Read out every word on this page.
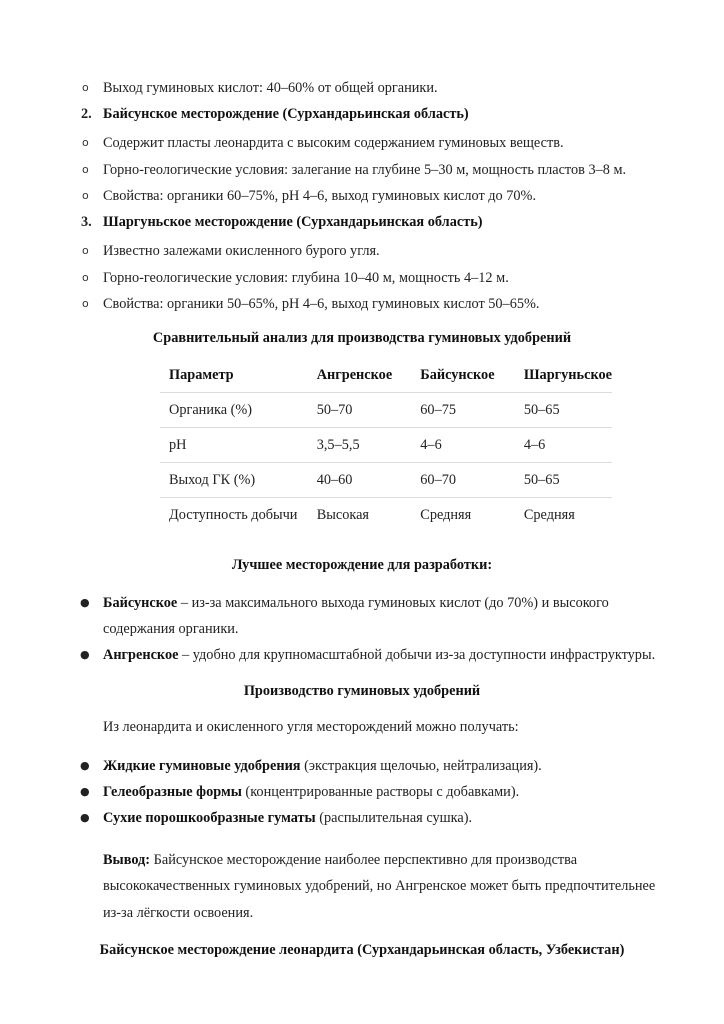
o Выход гуминовых кислот: 40–60% от общей органики.
2. Байсунское месторождение (Сурхандарьинская область)
o Содержит пласты леонардита с высоким содержанием гуминовых веществ.
o Горно-геологические условия: залегание на глубине 5–30 м, мощность пластов 3–8 м.
o Свойства: органики 60–75%, pH 4–6, выход гуминовых кислот до 70%.
3. Шаргуньское месторождение (Сурхандарьинская область)
o Известно залежами окисленного бурого угля.
o Горно-геологические условия: глубина 10–40 м, мощность 4–12 м.
o Свойства: органики 50–65%, pH 4–6, выход гуминовых кислот 50–65%.
Сравнительный анализ для производства гуминовых удобрений
Параметр	Ангренское	Байсунское	Шаргуньское
Органика (%)	50–70	60–75	50–65
pH	3,5–5,5	4–6	4–6
Выход ГК (%)	40–60	60–70	50–65
Доступность добычи	Высокая	Средняя	Средняя
Лучшее месторождение для разработки:
● Байсунское – из-за максимального выхода гуминовых кислот (до 70%) и высокого
содержания органики.
● Ангренское – удобно для крупномасштабной добычи из-за доступности инфраструктуры.
Производство гуминовых удобрений
Из леонардита и окисленного угля месторождений можно получать:
● Жидкие гуминовые удобрения (экстракция щелочью, нейтрализация).
● Гелеобразные формы (концентрированные растворы с добавками).
● Сухие порошкообразные гуматы (распылительная сушка).
Вывод: Байсунское месторождение наиболее перспективно для производства
высококачественных гуминовых удобрений, но Ангренское может быть предпочтительнее
из-за лёгкости освоения.
Байсунское месторождение леонардита (Сурхандарьинская область, Узбекистан)
